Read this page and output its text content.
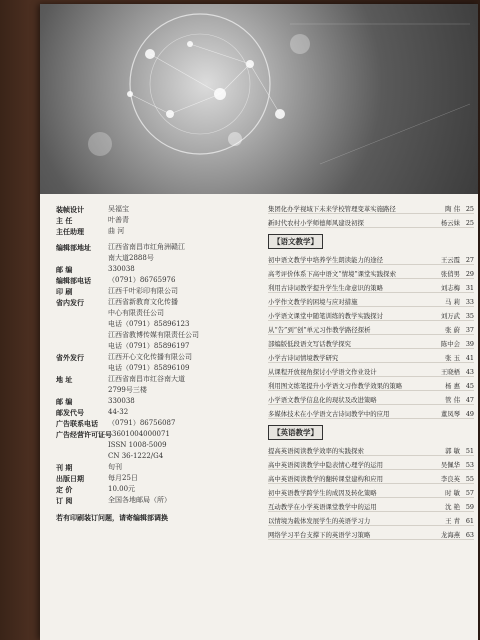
装帧设计	吴福宝
主 任	叶善青
主任助理	曲 河
编辑部地址	江西省南昌市红角洲赣江
南大道2888号
邮 编	330038
编辑部电话	（0791）86765976
印 刷	江西千叶彩印有限公司
省内发行	江西省新教育文化传播
中心有限责任公司
电话（0791）85896123
江西省教博传媒有限责任公司
电话（0791）85896197
省外发行	江西开心文化传播有限公司
电话（0791）85896109
地 址	江西省南昌市红谷南大道
2799号三楼
邮 编	330038
邮发代号	44-32
广告联系电话	（0791）86756087
广告经营许可证号 3601004000071
ISSN 1008-5009
CN 36-1222/G4
刊 期	旬刊
出版日期	每月25日
定 价	10.00元
订 阅	全国各地邮局（所）
若有印刷装订问题，请寄编辑部调换
集团化办学视域下未来学校管理变革实施路径	陶 伟 25
新时代农村小学师德师风建设初探	杨云妹 25
【语文教学】
初中语文教学中培养学生朗读能力的途径	王云霞 27
高考评价体系下高中语文“情境”课堂实践探索	张俏男 29
利用古诗词教学提升学生生命意识的策略	刘志梅 31
小学作文教学的困境与应对措施	马 莉 33
小学语文课堂中随笔训练的教学实践探讨	刘万武 35
从“告”到“创”单元习作教学路径探析	张 蔚 37
部编版低段语文写话教学探究	陈中会 39
小学古诗词情境教学研究	张 玉 41
从课程开放视角探讨小学语文作业设计	王晓梧 43
利用图文练笔提升小学语文习作教学效果的策略	杨 惠 45
小学语文教学信息化的现状及改进策略	管 伟 47
多媒体技术在小学语文古诗词教学中的应用	董凤琴 49
【英语教学】
提高英语阅读教学效率的实践探索	郭 敏 51
高中英语阅读教学中隐表情心理学的运用	吴佩华 53
高中英语阅读教学的翻转课堂建构和应用	李良英 55
初中英语教学跨学生的成因及转化策略	时 敏 57
互动教学在小学英语课堂教学中的运用	沈 艳 59
以情境为载体发展学生的英语学习力	王 青 61
网络学习平台支撑下的英语学习策略	龙海燕 63
